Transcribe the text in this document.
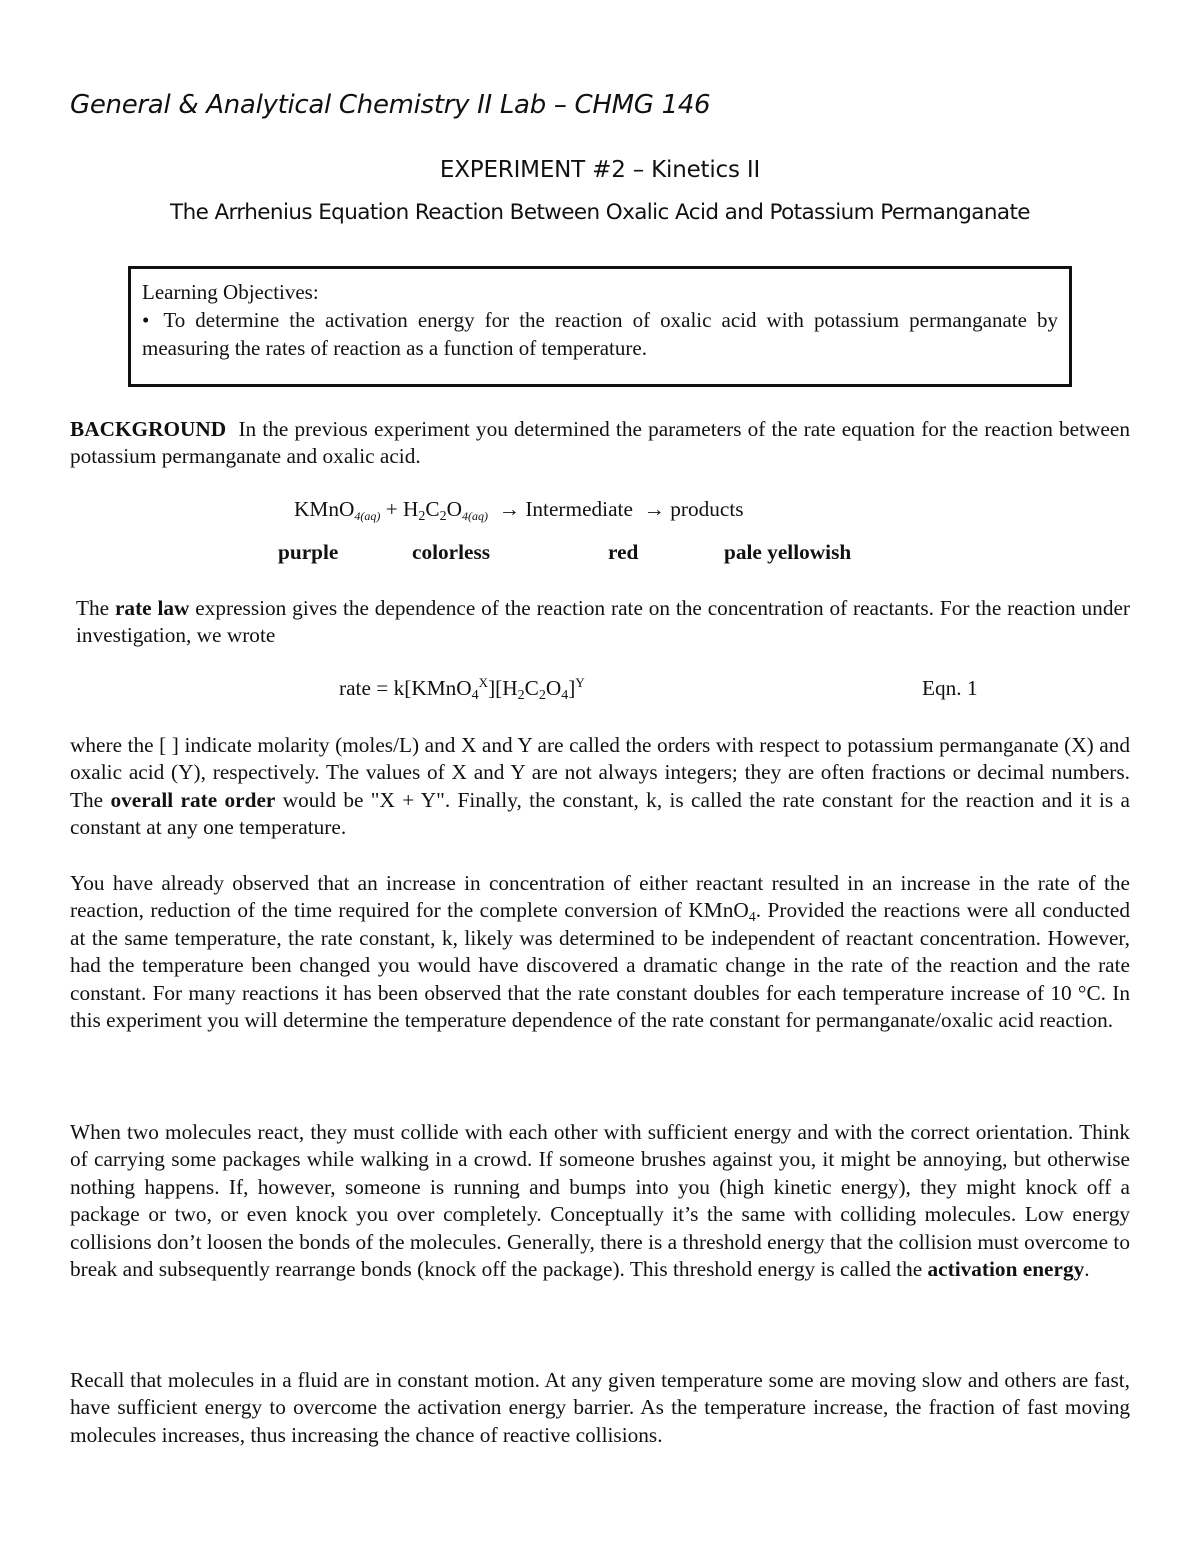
General & Analytical Chemistry II Lab – CHMG 146
EXPERIMENT #2 – Kinetics II
The Arrhenius Equation Reaction Between Oxalic Acid and Potassium Permanganate
Learning Objectives:
• To determine the activation energy for the reaction of oxalic acid with potassium permanganate by measuring the rates of reaction as a function of temperature.

BACKGROUND In the previous experiment you determined the parameters of the rate equation for the reaction between potassium permanganate and oxalic acid.

KMnO$_{4(aq)}$ + $H_2C_2O_{4(aq)}$ → Intermediate → products
purple	colorless	red	pale yellowish

The rate law expression gives the dependence of the reaction rate on the concentration of reactants. For the reaction under investigation, we wrote

rate = $k[KMnO_4^X][H_2C_2O_4]^Y$	Eqn. 1

where the [ ] indicate molarity (moles/L) and X and Y are called the orders with respect to potassium permanganate (X) and oxalic acid (Y), respectively. The values of X and Y are not always integers; they are often fractions or decimal numbers. The overall rate order would be "X + Y". Finally, the constant, k, is called the rate constant for the reaction and it is a constant at any one temperature.

You have already observed that an increase in concentration of either reactant resulted in an increase in the rate of the reaction, reduction of the time required for the complete conversion of KMnO$_4$. Provided the reactions were all conducted at the same temperature, the rate constant, k, likely was determined to be independent of reactant concentration. However, had the temperature been changed you would have discovered a dramatic change in the rate of the reaction and the rate constant. For many reactions it has been observed that the rate constant doubles for each temperature increase of 10 °C. In this experiment you will determine the temperature dependence of the rate constant for permanganate/oxalic acid reaction.

When two molecules react, they must collide with each other with sufficient energy and with the correct orientation. Think of carrying some packages while walking in a crowd. If someone brushes against you, it might be annoying, but otherwise nothing happens. If, however, someone is running and bumps into you (high kinetic energy), they might knock off a package or two, or even knock you over completely. Conceptually it’s the same with colliding molecules. Low energy collisions don’t loosen the bonds of the molecules. Generally, there is a threshold energy that the collision must overcome to break and subsequently rearrange bonds (knock off the package). This threshold energy is called the activation energy.

Recall that molecules in a fluid are in constant motion. At any given temperature some are moving slow and others are fast, have sufficient energy to overcome the activation energy barrier. As the temperature increase, the fraction of fast moving molecules increases, thus increasing the chance of reactive collisions.
